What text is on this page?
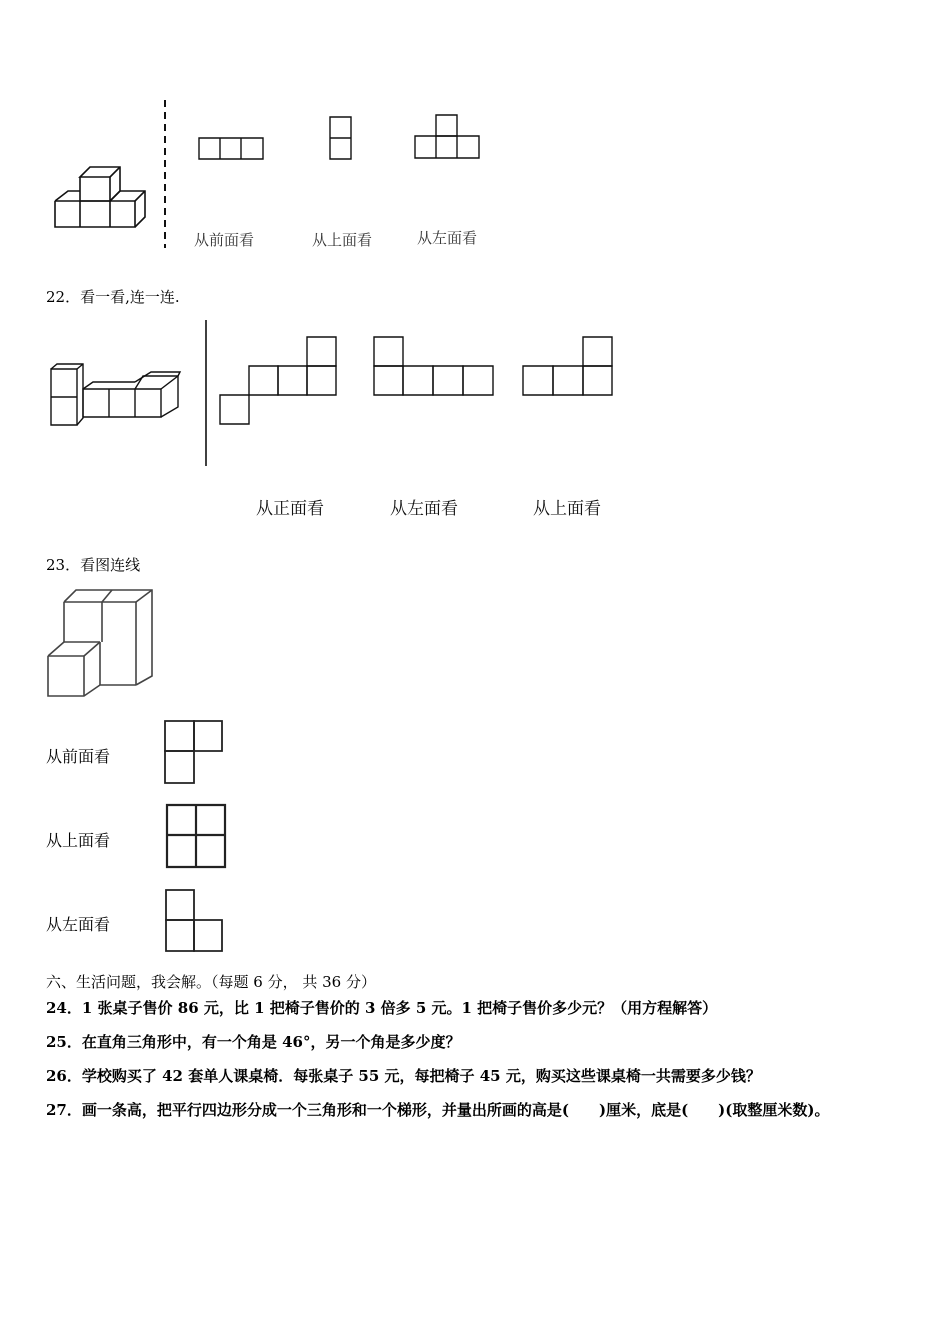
从前面看	从上面看	从左面看
22．看一看,连一连.
从正面看	从左面看	从上面看
23．看图连线
从前面看
从上面看
从左面看
六、生活问题，我会解。（每题 6 分， 共 36 分）
24．1 张桌子售价 86 元，比 1 把椅子售价的 3 倍多 5 元。1 把椅子售价多少元？（用方程解答）
25．在直角三角形中，有一个角是 46°，另一个角是多少度？
26．学校购买了 42 套单人课桌椅．每张桌子 55 元，每把椅子 45 元，购买这些课桌椅一共需要多少钱？
27．画一条高，把平行四边形分成一个三角形和一个梯形，并量出所画的高是(　　)厘米，底是(　　)(取整厘米数)。
